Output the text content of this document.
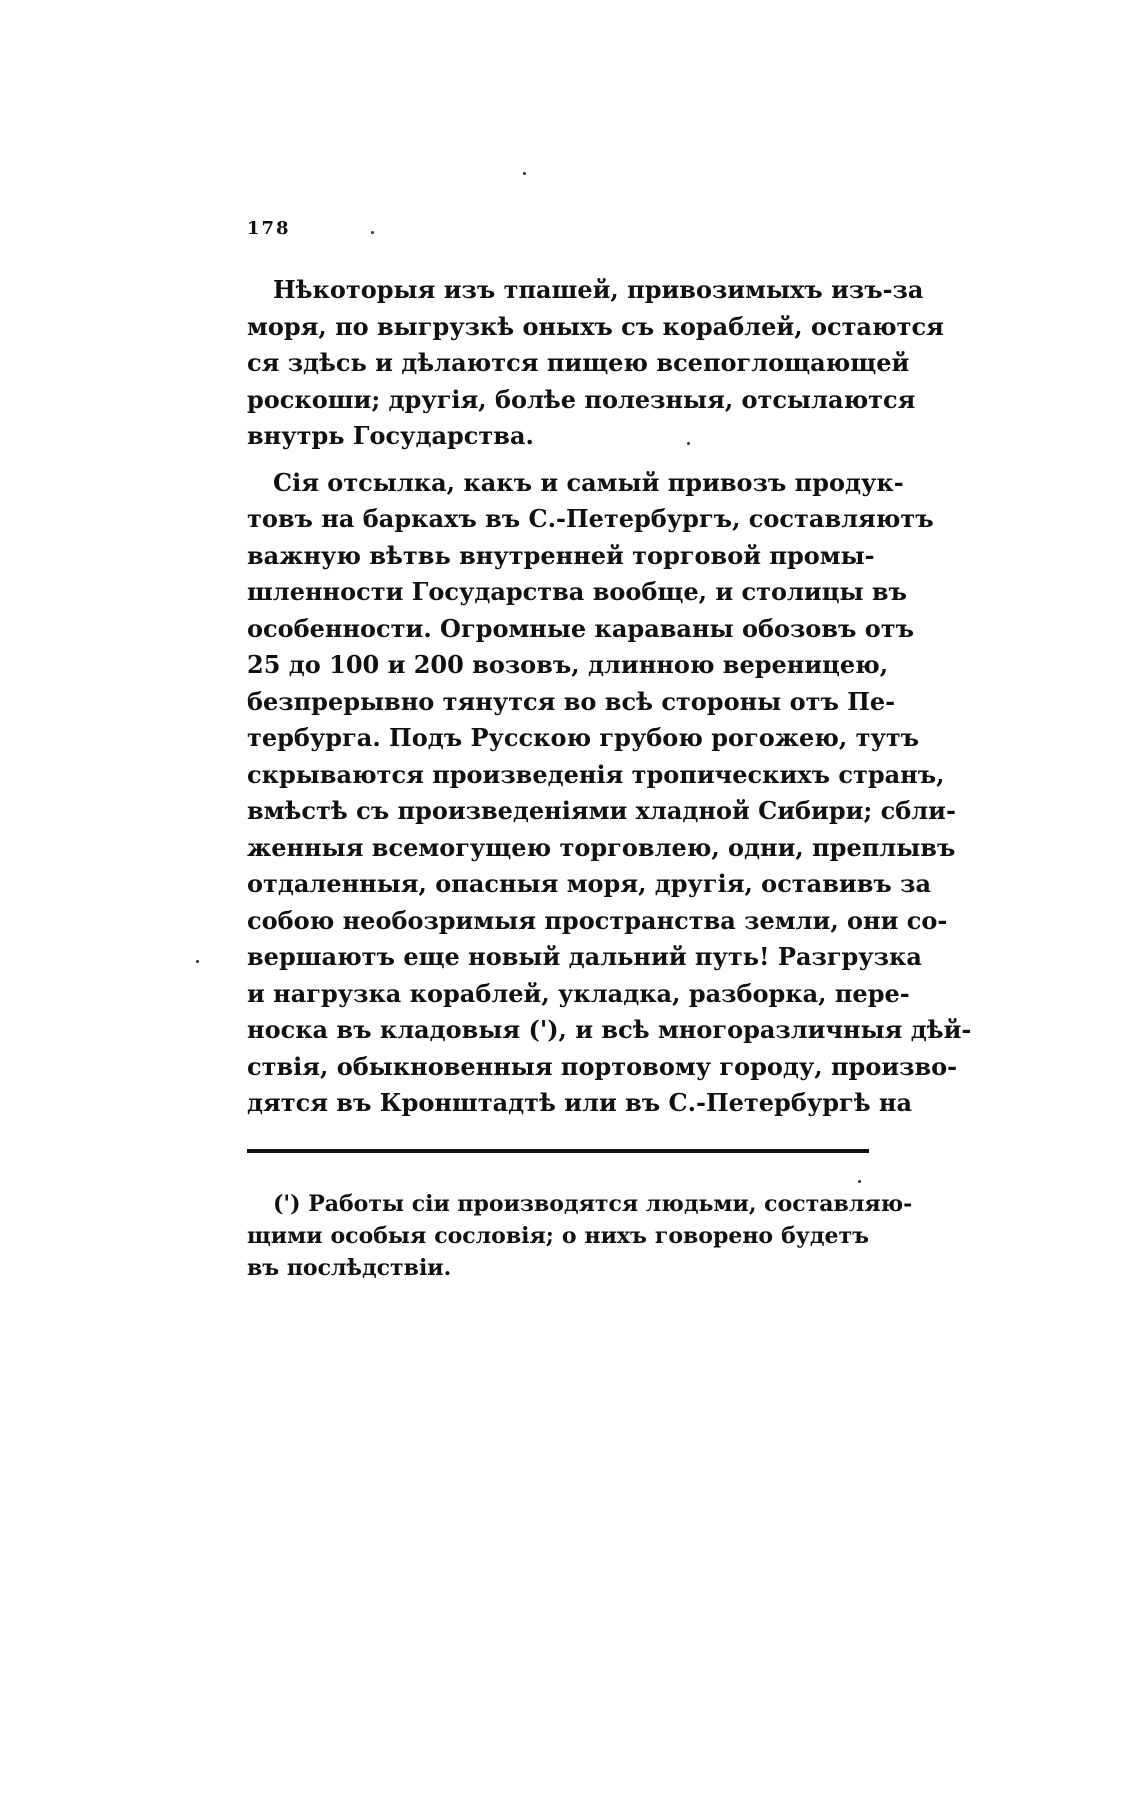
178
Нѣкоторыя изъ тпашей, привозимыхъ изъ-за
моря, по выгрузкѣ оныхъ съ кораблей, остаются
ся здѣсь и дѣлаются пищею всепоглощающей
роскоши; другія, болѣе полезныя, отсылаются
внутрь Государства.
Сія отсылка, какъ и самый привозъ продук-
товъ на баркахъ въ С.-Петербургъ, составляютъ
важную вѣтвь внутренней торговой промы-
шленности Государства вообще, и столицы въ
особенности. Огромные караваны обозовъ отъ
25 до 100 и 200 возовъ, длинною вереницею,
безпрерывно тянутся во всѣ стороны отъ Пе-
тербурга. Подъ Русскою грубою рогожею, тутъ
скрываются произведенія тропическихъ странъ,
вмѣстѣ съ произведеніями хладной Сибири; сбли-
женныя всемогущею торговлею, одни, преплывъ
отдаленныя, опасныя моря, другія, оставивъ за
собою необозримыя пространства земли, они со-
вершаютъ еще новый дальний путь! Разгрузка
и нагрузка кораблей, укладка, разборка, пере-
носка въ кладовыя ('), и всѣ многоразличныя дѣй-
ствія, обыкновенныя портовому городу, произво-
дятся въ Кронштадтѣ или въ С.-Петербургѣ на
(') Работы сіи производятся людьми, составляю-
щими особыя сословія; о нихъ говорено будетъ
въ послѣдствіи.
